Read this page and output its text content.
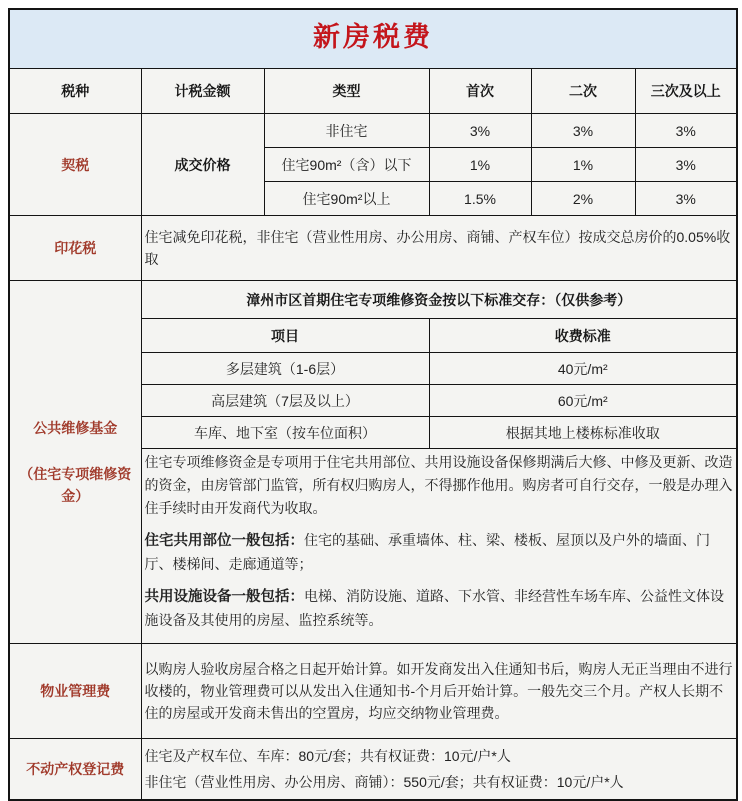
新房税费					
税种	计税金额	类型	首次	二次	三次及以上
契税	成交价格	非住宅	3%	3%	3%
		住宅90m²（含）以下	1%	1%	3%
		住宅90m²以上	1.5%	2%	3%
印花税	住宅减免印花税，非住宅（营业性用房、办公用房、商铺、产权车位）按成交总房价的0.05%收取				

公共维修基金
（住宅专项维修资金）	漳州市区首期住宅专项维修资金按以下标准交存：（仅供参考）				
	项目		收费标准		
	多层建筑（1-6层）		40元/m²		
	高层建筑（7层及以上）		60元/m²		
	车库、地下室（按车位面积）		根据其地上楼栋标准收取		

	住宅专项维修资金是专项用于住宅共用部位、共用设施设备保修期满后大修、中修及更新、改造的资金，由房管部门监管，所有权归购房人，不得挪作他用。购房者可自行交存，一般是办理入住手续时由开发商代为收取。

住宅共用部位一般包括：住宅的基础、承重墙体、柱、梁、楼板、屋顶以及户外的墙面、门厅、楼梯间、走廊通道等；

共用设施设备一般包括：电梯、消防设施、道路、下水管、非经营性车场车库、公益性文体设施设备及其使用的房屋、监控系统等。				

物业管理费	以购房人验收房屋合格之日起开始计算。如开发商发出入住通知书后，购房人无正当理由不进行收楼的，物业管理费可以从发出入住通知书-个月后开始计算。一般先交三个月。产权人长期不住的房屋或开发商未售出的空置房，均应交纳物业管理费。				
不动产权登记费	住宅及产权车位、车库：80元/套；共有权证费：10元/户*人
非住宅（营业性用房、办公用房、商铺）：550元/套；共有权证费：10元/户*人				
